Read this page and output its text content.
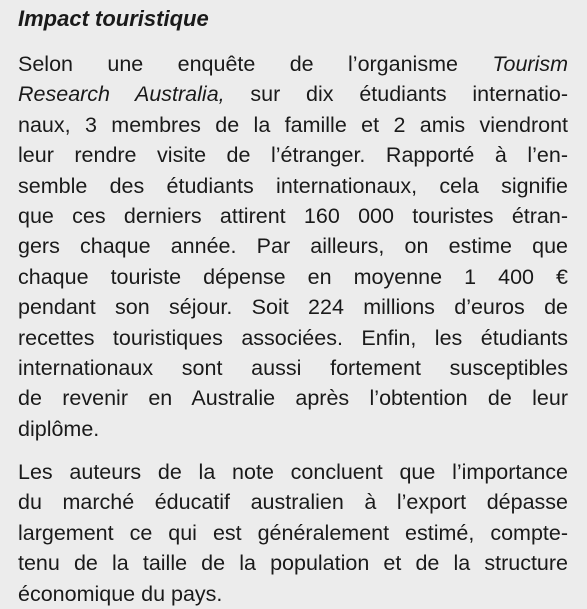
Impact touristique

Selon une enquête de l’organisme Tourism
Research Australia, sur dix étudiants internatio-
naux, 3 membres de la famille et 2 amis viendront
leur rendre visite de l’étranger. Rapporté à l’en-
semble des étudiants internationaux, cela signifie
que ces derniers attirent 160 000 touristes étran-
gers chaque année. Par ailleurs, on estime que
chaque touriste dépense en moyenne 1 400 €
pendant son séjour. Soit 224 millions d’euros de
recettes touristiques associées. Enfin, les étudiants
internationaux sont aussi fortement susceptibles
de revenir en Australie après l’obtention de leur
diplôme.

Les auteurs de la note concluent que l’importance
du marché éducatif australien à l’export dépasse
largement ce qui est généralement estimé, compte-
tenu de la taille de la population et de la structure
économique du pays.
